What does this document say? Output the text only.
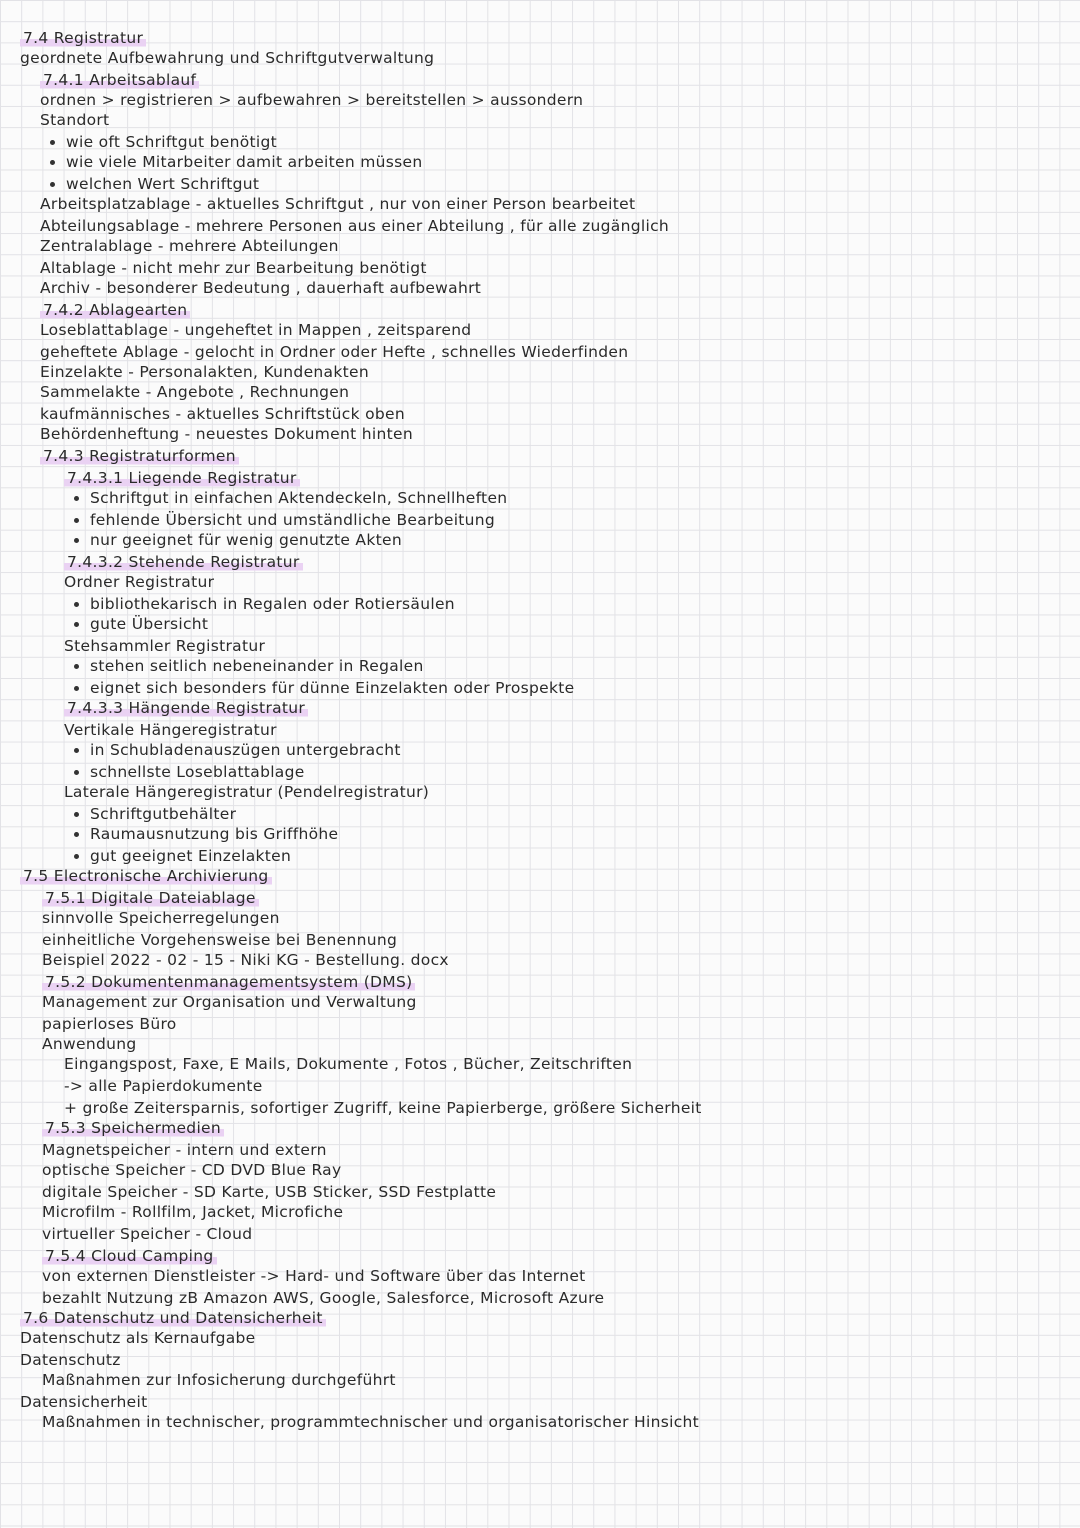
7.4 Registratur
geordnete Aufbewahrung und Schriftgutverwaltung
7.4.1 Arbeitsablauf
ordnen > registrieren > aufbewahren > bereitstellen > aussondern
Standort
wie oft Schriftgut benötigt
wie viele Mitarbeiter damit arbeiten müssen
welchen Wert Schriftgut
Arbeitsplatzablage - aktuelles Schriftgut , nur von einer Person bearbeitet
Abteilungsablage - mehrere Personen aus einer Abteilung , für alle zugänglich
Zentralablage - mehrere Abteilungen
Altablage - nicht mehr zur Bearbeitung benötigt
Archiv - besonderer Bedeutung , dauerhaft aufbewahrt
7.4.2 Ablagearten
Loseblattablage - ungeheftet in Mappen , zeitsparend
geheftete Ablage - gelocht in Ordner oder Hefte , schnelles Wiederfinden
Einzelakte - Personalakten, Kundenakten
Sammelakte - Angebote , Rechnungen
kaufmännisches - aktuelles Schriftstück oben
Behördenheftung - neuestes Dokument hinten
7.4.3 Registraturformen
7.4.3.1 Liegende Registratur
Schriftgut in einfachen Aktendeckeln, Schnellheften
fehlende Übersicht und umständliche Bearbeitung
nur geeignet für wenig genutzte Akten
7.4.3.2 Stehende Registratur
Ordner Registratur
bibliothekarisch in Regalen oder Rotiersäulen
gute Übersicht
Stehsammler Registratur
stehen seitlich nebeneinander in Regalen
eignet sich besonders für dünne Einzelakten oder Prospekte
7.4.3.3 Hängende Registratur
Vertikale Hängeregistratur
in Schubladenauszügen untergebracht
schnellste Loseblattablage
Laterale Hängeregistratur (Pendelregistratur)
Schriftgutbehälter
Raumausnutzung bis Griffhöhe
gut geeignet Einzelakten
7.5 Electronische Archivierung
7.5.1 Digitale Dateiablage
sinnvolle Speicherregelungen
einheitliche Vorgehensweise bei Benennung
Beispiel 2022 - 02 - 15 - Niki KG - Bestellung. docx
7.5.2 Dokumentenmanagementsystem (DMS)
Management zur Organisation und Verwaltung
papierloses Büro
Anwendung
Eingangspost, Faxe, E Mails, Dokumente , Fotos , Bücher, Zeitschriften
-> alle Papierdokumente
+ große Zeitersparnis, sofortiger Zugriff, keine Papierberge, größere Sicherheit
7.5.3 Speichermedien
Magnetspeicher - intern und extern
optische Speicher - CD DVD Blue Ray
digitale Speicher - SD Karte, USB Sticker, SSD Festplatte
Microfilm - Rollfilm, Jacket, Microfiche
virtueller Speicher - Cloud
7.5.4 Cloud Camping
von externen Dienstleister -> Hard- und Software über das Internet
bezahlt Nutzung zB Amazon AWS, Google, Salesforce, Microsoft Azure
7.6 Datenschutz und Datensicherheit
Datenschutz als Kernaufgabe
Datenschutz
Maßnahmen zur Infosicherung durchgeführt
Datensicherheit
Maßnahmen in technischer, programmtechnischer und organisatorischer Hinsicht
